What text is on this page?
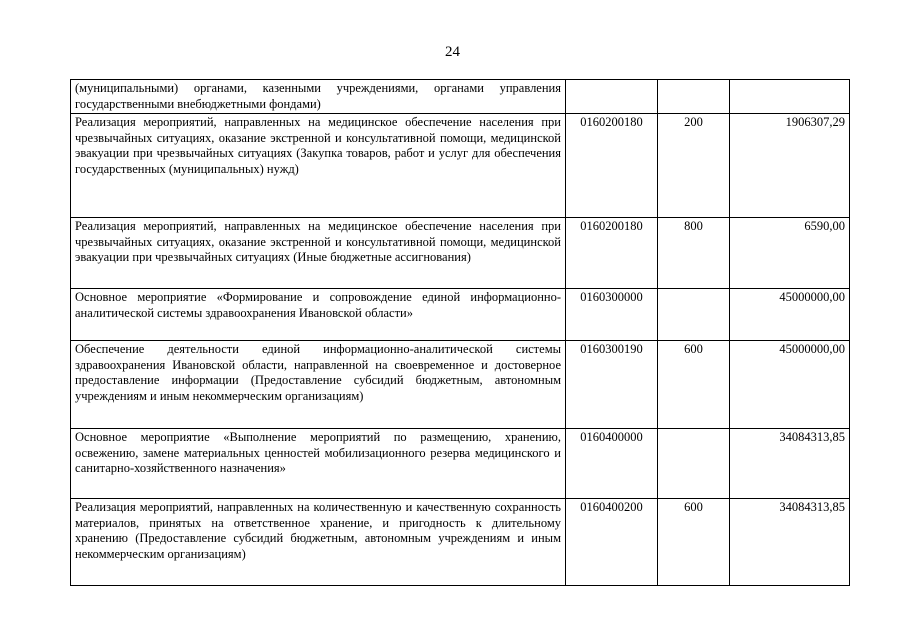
24
(муниципальными) органами, казенными учреждениями, органами управления государственными внебюджетными фондами)			
Реализация мероприятий, направленных на медицинское обеспечение населения при чрезвычайных ситуациях, оказание экстренной и консультативной помощи, медицинской эвакуации при чрезвычайных ситуациях (Закупка товаров, работ и услуг для обеспечения государственных (муниципальных) нужд)	0160200180	200	1906307,29
Реализация мероприятий, направленных на медицинское обеспечение населения при чрезвычайных ситуациях, оказание экстренной и консультативной помощи, медицинской эвакуации при чрезвычайных ситуациях (Иные бюджетные ассигнования)	0160200180	800	6590,00
Основное мероприятие «Формирование и сопровождение единой информационно-аналитической системы здравоохранения Ивановской области»	0160300000		45000000,00
Обеспечение деятельности единой информационно-аналитической системы здравоохранения Ивановской области, направленной на своевременное и достоверное предоставление информации (Предоставление субсидий бюджетным, автономным учреждениям и иным некоммерческим организациям)	0160300190	600	45000000,00
Основное мероприятие «Выполнение мероприятий по размещению, хранению, освежению, замене материальных ценностей мобилизационного резерва медицинского и санитарно-хозяйственного назначения»	0160400000		34084313,85
Реализация мероприятий, направленных на количественную и качественную сохранность материалов, принятых на ответственное хранение, и пригодность к длительному хранению (Предоставление субсидий бюджетным, автономным учреждениям и иным некоммерческим организациям)	0160400200	600	34084313,85
